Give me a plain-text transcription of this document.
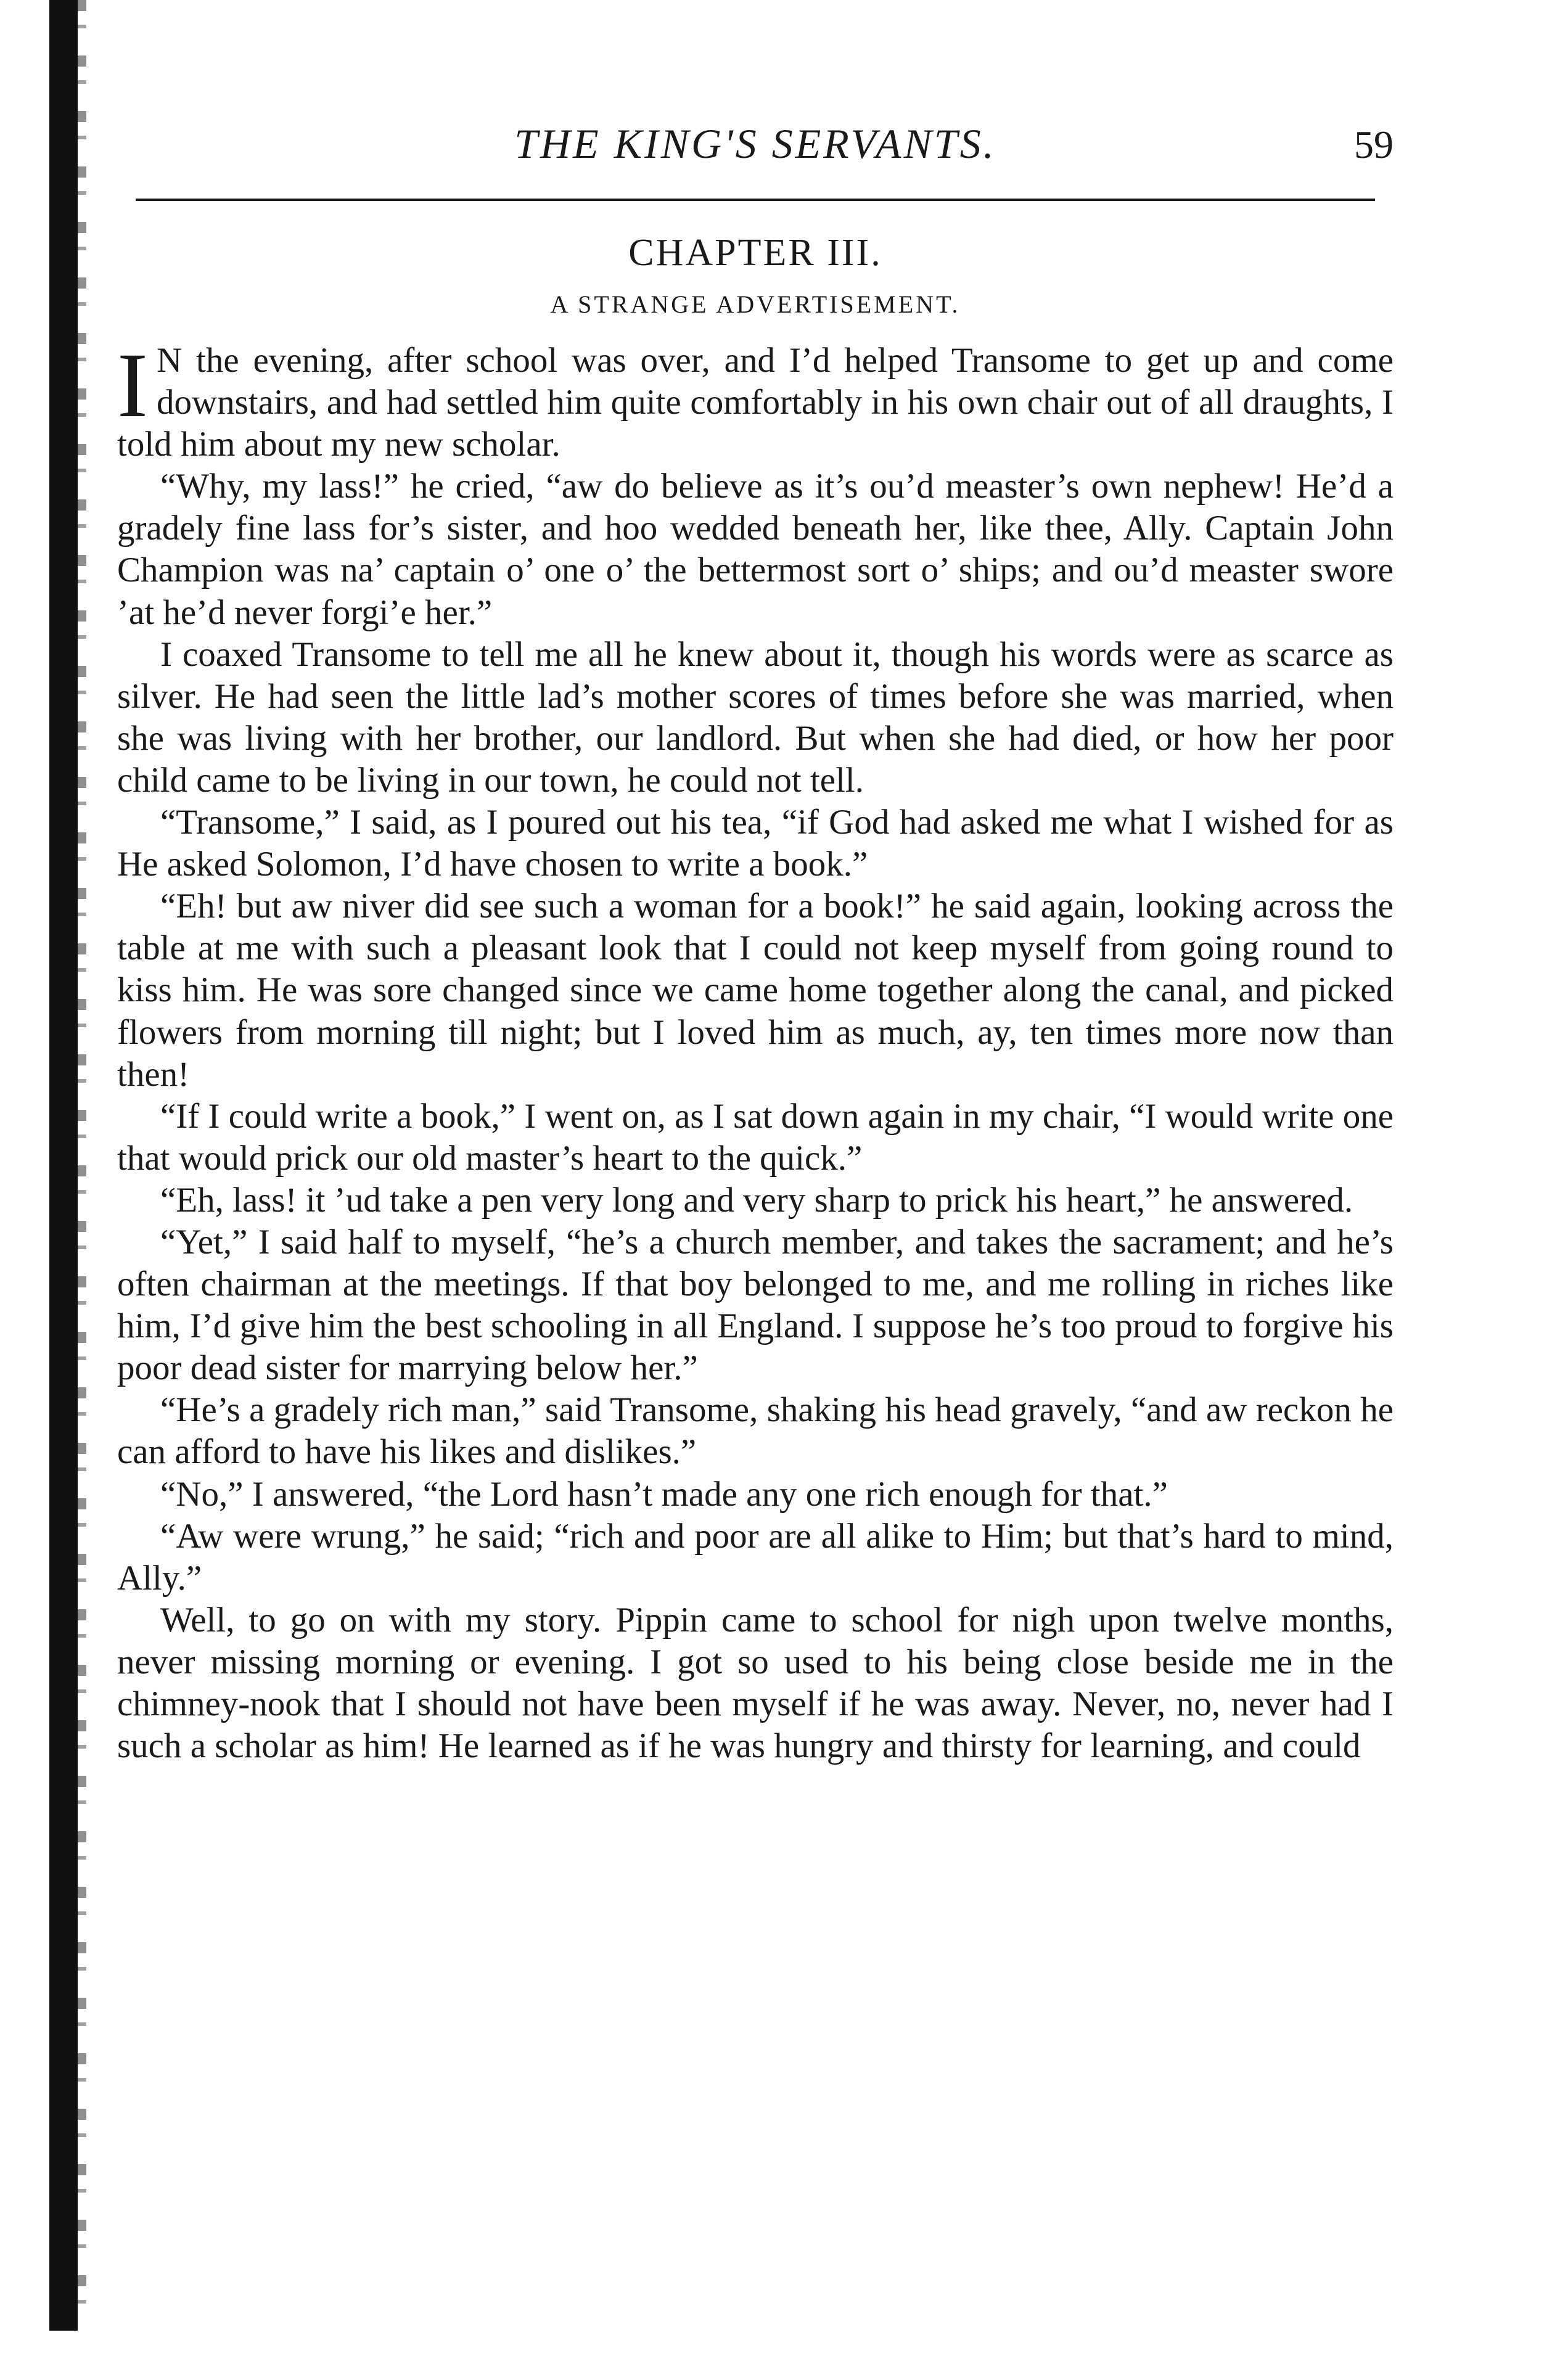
THE KING'S SERVANTS.	59
CHAPTER III.
A STRANGE ADVERTISEMENT.

I N the evening, after school was over, and I’d helped Transome to get up and come downstairs, and had settled him quite comfortably in his own chair out of all draughts, I told him about my new scholar.

“Why, my lass!” he cried, “aw do believe as it’s ou’d measter’s own nephew! He’d a gradely fine lass for’s sister, and hoo wedded beneath her, like thee, Ally. Captain John Champion was na’ captain o’ one o’ the bettermost sort o’ ships; and ou’d measter swore ’at he’d never forgi’e her.”

I coaxed Transome to tell me all he knew about it, though his words were as scarce as silver. He had seen the little lad’s mother scores of times before she was married, when she was living with her brother, our landlord. But when she had died, or how her poor child came to be living in our town, he could not tell.

“Transome,” I said, as I poured out his tea, “if God had asked me what I wished for as He asked Solomon, I’d have chosen to write a book.”

“Eh! but aw niver did see such a woman for a book!” he said again, looking across the table at me with such a pleasant look that I could not keep myself from going round to kiss him. He was sore changed since we came home together along the canal, and picked flowers from morning till night; but I loved him as much, ay, ten times more now than then!

“If I could write a book,” I went on, as I sat down again in my chair, “I would write one that would prick our old master’s heart to the quick.”

“Eh, lass! it ’ud take a pen very long and very sharp to prick his heart,” he answered.

“Yet,” I said half to myself, “he’s a church member, and takes the sacrament; and he’s often chairman at the meetings. If that boy belonged to me, and me rolling in riches like him, I’d give him the best schooling in all England. I suppose he’s too proud to forgive his poor dead sister for marrying below her.”

“He’s a gradely rich man,” said Transome, shaking his head gravely, “and aw reckon he can afford to have his likes and dislikes.”

“No,” I answered, “the Lord hasn’t made any one rich enough for that.”

“Aw were wrung,” he said; “rich and poor are all alike to Him; but that’s hard to mind, Ally.”

Well, to go on with my story. Pippin came to school for nigh upon twelve months, never missing morning or evening. I got so used to his being close beside me in the chimney-nook that I should not have been myself if he was away. Never, no, never had I such a scholar as him! He learned as if he was hungry and thirsty for learning, and could
